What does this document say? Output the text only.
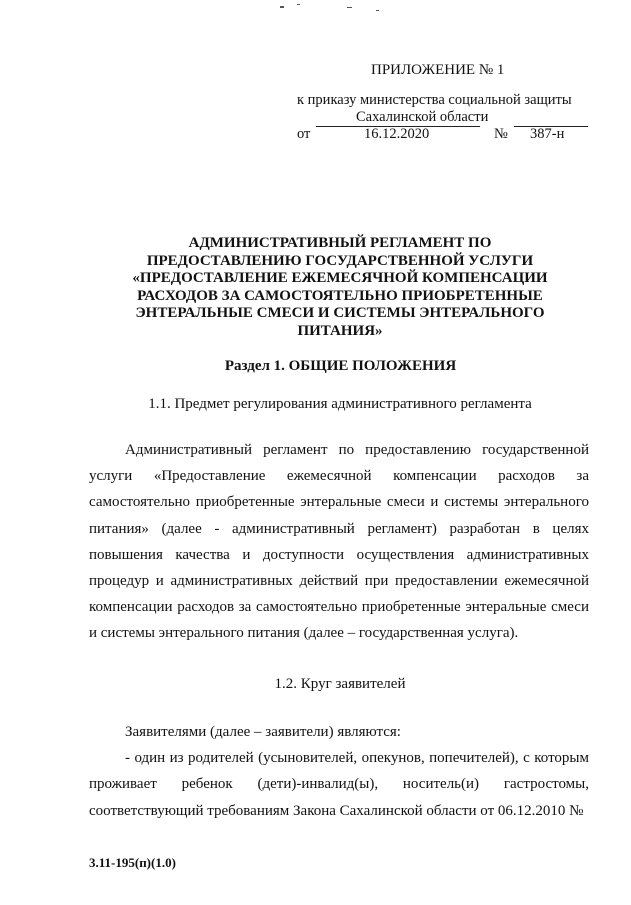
ПРИЛОЖЕНИЕ № 1
к приказу министерства социальной защиты
Сахалинской области
от	16.12.2020	№ 387-н
АДМИНИСТРАТИВНЫЙ РЕГЛАМЕНТ ПО
ПРЕДОСТАВЛЕНИЮ ГОСУДАРСТВЕННОЙ УСЛУГИ
«ПРЕДОСТАВЛЕНИЕ ЕЖЕМЕСЯЧНОЙ КОМПЕНСАЦИИ
РАСХОДОВ ЗА САМОСТОЯТЕЛЬНО ПРИОБРЕТЕННЫЕ
ЭНТЕРАЛЬНЫЕ СМЕСИ И СИСТЕМЫ ЭНТЕРАЛЬНОГО
ПИТАНИЯ»
Раздел 1. ОБЩИЕ ПОЛОЖЕНИЯ
1.1. Предмет регулирования административного регламента

Административный регламент по предоставлению государственной услуги «Предоставление ежемесячной компенсации расходов за самостоятельно приобретенные энтеральные смеси и системы энтерального питания» (далее - административный регламент) разработан в целях повышения качества и доступности осуществления административных процедур и административных действий при предоставлении ежемесячной компенсации расходов за самостоятельно приобретенные энтеральные смеси и системы энтерального питания (далее – государственная услуга).

1.2. Круг заявителей

Заявителями (далее – заявители) являются:

- один из родителей (усыновителей, опекунов, попечителей), с которым проживает ребенок (дети)-инвалид(ы), носитель(и) гастростомы, соответствующий требованиям Закона Сахалинской области от 06.12.2010 №

3.11-195(п)(1.0)
